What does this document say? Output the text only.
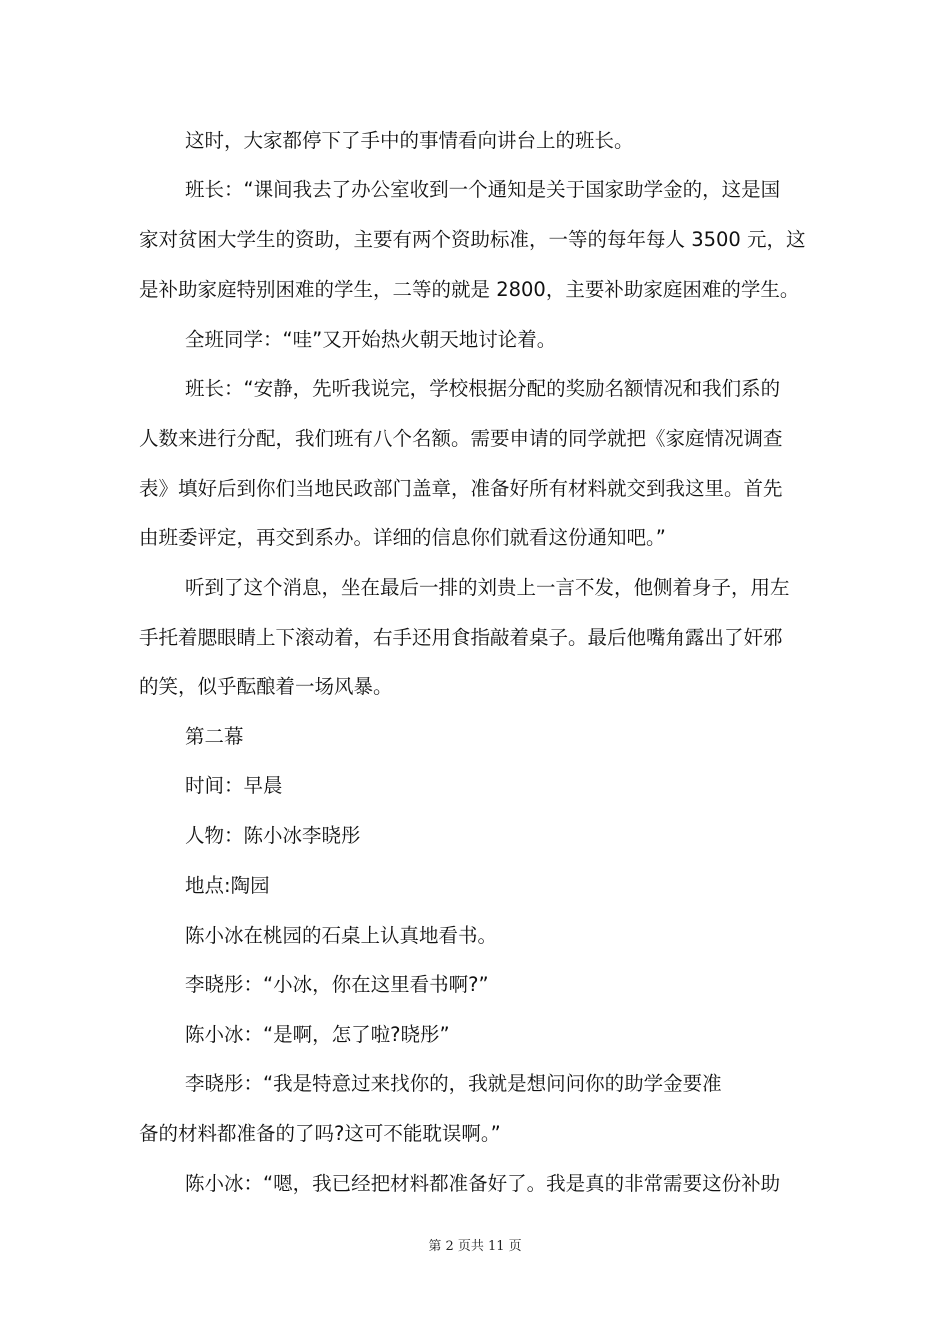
这时，大家都停下了手中的事情看向讲台上的班长。
班长：“课间我去了办公室收到一个通知是关于国家助学金的，这是国
家对贫困大学生的资助，主要有两个资助标准，一等的每年每人 3500 元，这
是补助家庭特别困难的学生，二等的就是 2800，主要补助家庭困难的学生。
全班同学：“哇”又开始热火朝天地讨论着。
班长：“安静，先听我说完，学校根据分配的奖励名额情况和我们系的
人数来进行分配，我们班有八个名额。需要申请的同学就把《家庭情况调查
表》填好后到你们当地民政部门盖章，准备好所有材料就交到我这里。首先
由班委评定，再交到系办。详细的信息你们就看这份通知吧。”
听到了这个消息，坐在最后一排的刘贵上一言不发，他侧着身子，用左
手托着腮眼睛上下滚动着，右手还用食指敲着桌子。最后他嘴角露出了奸邪
的笑，似乎酝酿着一场风暴。
第二幕
时间：早晨
人物：陈小冰李晓彤
地点:陶园
陈小冰在桃园的石桌上认真地看书。
李晓彤：“小冰，你在这里看书啊?”
陈小冰：“是啊，怎了啦?晓彤”
李晓彤：“我是特意过来找你的，我就是想问问你的助学金要准
备的材料都准备的了吗?这可不能耽误啊。”
陈小冰：“嗯，我已经把材料都准备好了。我是真的非常需要这份补助
第 2 页共 11 页
